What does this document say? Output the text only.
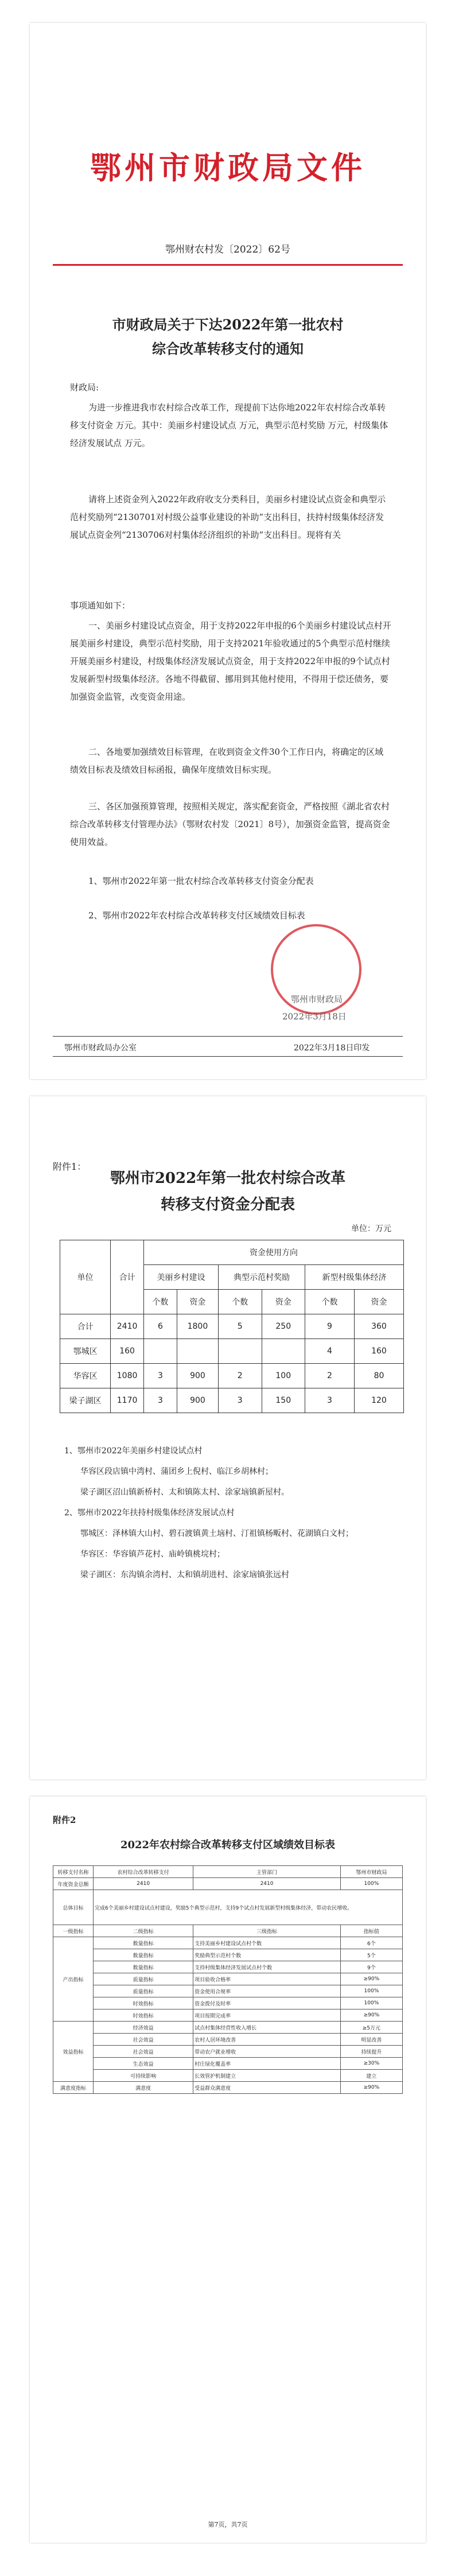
鄂州市财政局文件
鄂州财农村发〔2022〕62号
市财政局关于下达2022年第一批农村
综合改革转移支付的通知
财政局:
为进一步推进我市农村综合改革工作，现提前下达你地2022年农村综合改革转移支付资金 万元。其中：美丽乡村建设试点 万元，典型示范村奖励 万元，村级集体经济发展试点 万元。
请将上述资金列入2022年政府收支分类科目，美丽乡村建设试点资金和典型示范村奖励列“2130701对村级公益事业建设的补助”支出科目，扶持村级集体经济发展试点资金列“2130706对村集体经济组织的补助”支出科目。现将有关
事项通知如下：
一、美丽乡村建设试点资金，用于支持2022年申报的6个美丽乡村建设试点村开展美丽乡村建设，典型示范村奖励，用于支持2021年验收通过的5个典型示范村继续开展美丽乡村建设，村级集体经济发展试点资金，用于支持2022年申报的9个试点村发展新型村级集体经济。各地不得截留、挪用到其他村使用，不得用于偿还债务，要加强资金监管，改变资金用途。
二、各地要加强绩效目标管理，在收到资金文件30个工作日内，将确定的区域绩效目标表及绩效目标函报，确保年度绩效目标实现。
三、各区加强预算管理，按照相关规定，落实配套资金，严格按照《湖北省农村综合改革转移支付管理办法》（鄂财农村发〔2021〕8号），加强资金监管，提高资金使用效益。
1、鄂州市2022年第一批农村综合改革转移支付资金分配表
2、鄂州市2022年农村综合改革转移支付区域绩效目标表
鄂州市财政局
2022年3月18日
鄂州市财政局办公室	2022年3月18日印发
附件1：
鄂州市2022年第一批农村综合改革
转移支付资金分配表
单位：万元
单位	合计	资金使用方向					
		美丽乡村建设		典型示范村奖励		新型村级集体经济	
		个数	资金	个数	资金	个数	资金
合计	2410	6	1800	5	250	9	360
鄂城区	160					4	160
华容区	1080	3	900	2	100	2	80
梁子湖区	1170	3	900	3	150	3	120
1、鄂州市2022年美丽乡村建设试点村
华容区段店镇中湾村、蒲团乡上倪村、临江乡胡林村；
梁子湖区沼山镇新桥村、太和镇陈太村、涂家垴镇新屋村。
2、鄂州市2022年扶持村级集体经济发展试点村
鄂城区：泽林镇大山村、碧石渡镇黄土垴村、汀祖镇杨畈村、花湖镇白文村；
华容区：华容镇芦花村、庙岭镇桃垸村；
梁子湖区：东沟镇余湾村、太和镇胡进村、涂家垴镇张远村
附件2
2022年农村综合改革转移支付区域绩效目标表
转移支付名称	农村综合改革转移支付	主管部门	鄂州市财政局
年度资金总额	2410	2410	100%
总体目标	完成6个美丽乡村建设试点村建设，奖励5个典型示范村，支持9个试点村发展新型村级集体经济，带动农民增收。		
一级指标	二级指标	三级指标	指标值
产出指标	数量指标	支持美丽乡村建设试点村个数	6个
	数量指标	奖励典型示范村个数	5个
	数量指标	支持村级集体经济发展试点村个数	9个
	质量指标	项目验收合格率	≥90%
	质量指标	资金使用合规率	100%
	时效指标	资金拨付及时率	100%
	时效指标	项目按期完成率	≥90%
效益指标	经济效益	试点村集体经营性收入增长	≥5万元
	社会效益	农村人居环境改善	明显改善
	社会效益	带动农户就业增收	持续提升
	生态效益	村庄绿化覆盖率	≥30%
	可持续影响	长效管护机制建立	建立
满意度指标	满意度	受益群众满意度	≥90%
第7页，共7页
